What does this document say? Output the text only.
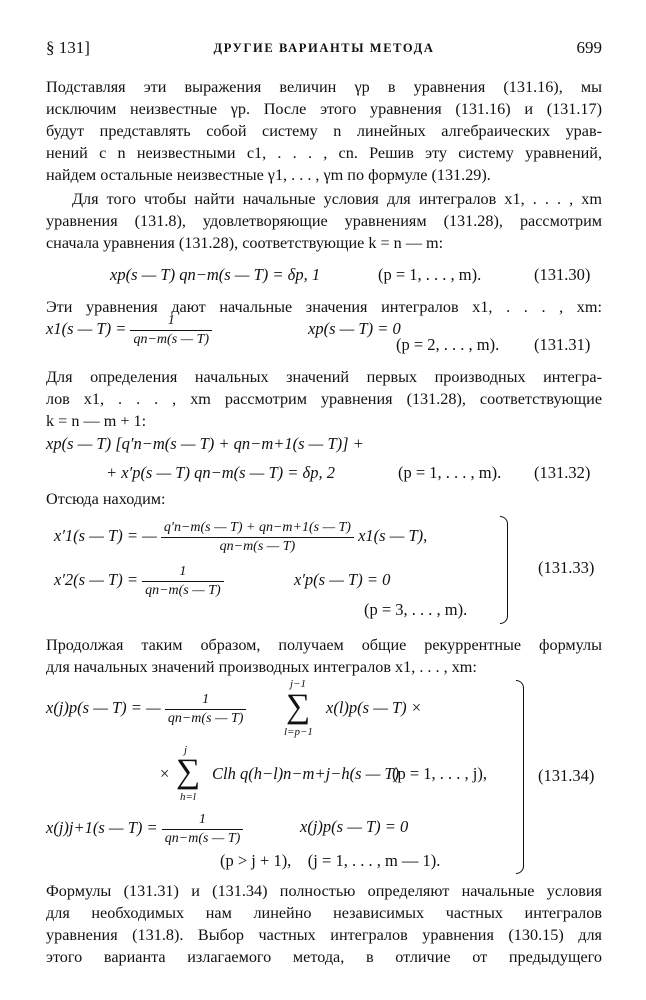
§ 131]	ДРУГИЕ ВАРИАНТЫ МЕТОДА	699
Подставляя эти выражения величин γp в уравнения (131.16), мы
исключим неизвестные γp. После этого уравнения (131.16) и (131.17)
будут представлять собой систему n линейных алгебраических урав-
нений с n неизвестными c1, . . . , cn. Решив эту систему уравнений,
найдем остальные неизвестные γ1, . . . , γm по формуле (131.29).
Для того чтобы найти начальные условия для интегралов x1, . . . , xm
уравнения (131.8), удовлетворяющие уравнениям (131.28), рассмотрим
сначала уравнения (131.28), соответствующие k = n — m:
xp(s — T) qn−m(s — T) = δp, 1	(p = 1, . . . , m).	(131.30)
Эти уравнения дают начальные значения интегралов x1, . . . , xm:
x1(s — $T) = \frac{1}{qn-m(s — T)}$	xp(s — T) = 0
(p = 2, . . . , m). (131.31)
Для определения начальных значений первых производных интегра-
лов x1, . . . , xm рассмотрим уравнения (131.28), соответствующие
k = n — m + 1:
xp(s — T) [q′n−m(s — T) + qn−m+1(s — T)] +
+ x′p(s — T) qn−m(s — T) = δp, 2	(p = 1, . . . , m). (131.32)
Отсюда находим:
x′1(s — T) = — $\frac{q'n-m(s — T) + qn-m+1(s — T)}{qn-m(s — T)} x1(s$ — T),
x′2(s — $T) = \frac{1}{qn-m(s — T)}$	x′p(s — T) = 0
(p = 3, . . . , m).
(131.33)
Продолжая таким образом, получаем общие рекуррентные формулы
для начальных значений производных интегралов x1, . . . , xm:
x(j)p(s — T) = — $\frac{1}{qn-m(s — T)}$
j−1
∑
l=p−1
x(l)p(s — T) ×
×
j
∑
h=l
Clh q(h−l)n−m+j−h(s — T)
(p = 1, . . . , j),
x(j)j+1(s — $T) = \frac{1}{qn-m(s — T)}$	x(j)p(s — T) = 0
(p > j + 1),    (j = 1, . . . , m — 1).
(131.34)
Формулы (131.31) и (131.34) полностью определяют начальные условия
для необходимых нам линейно независимых частных интегралов
уравнения (131.8). Выбор частных интегралов уравнения (130.15) для
этого варианта излагаемого метода, в отличие от предыдущего
